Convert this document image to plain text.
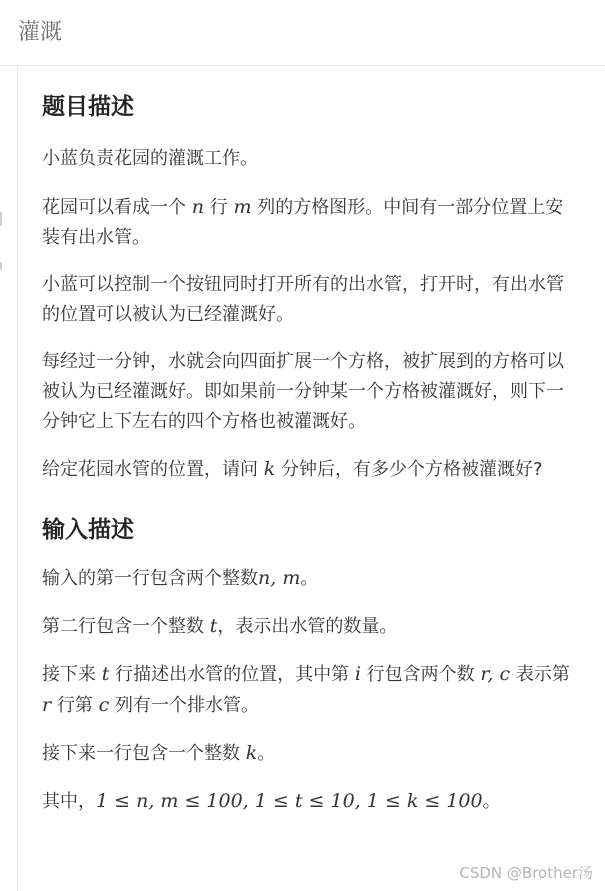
灌溉
题目描述

小蓝负责花园的灌溉工作。

花园可以看成一个 n 行 m 列的方格图形。中间有一部分位置上安装有出水管。

小蓝可以控制一个按钮同时打开所有的出水管，打开时，有出水管的位置可以被认为已经灌溉好。

每经过一分钟，水就会向四面扩展一个方格，被扩展到的方格可以被认为已经灌溉好。即如果前一分钟某一个方格被灌溉好，则下一分钟它上下左右的四个方格也被灌溉好。

给定花园水管的位置，请问 k 分钟后，有多少个方格被灌溉好?

输入描述

输入的第一行包含两个整数n, m。

第二行包含一个整数 t，表示出水管的数量。

接下来 t 行描述出水管的位置，其中第 i 行包含两个数 r, c 表示第 r 行第 c 列有一个排水管。

接下来一行包含一个整数 k。

其中，1 ≤ n, m ≤ 100, 1 ≤ t ≤ 10, 1 ≤ k ≤ 100。

CSDN @Brother汤
